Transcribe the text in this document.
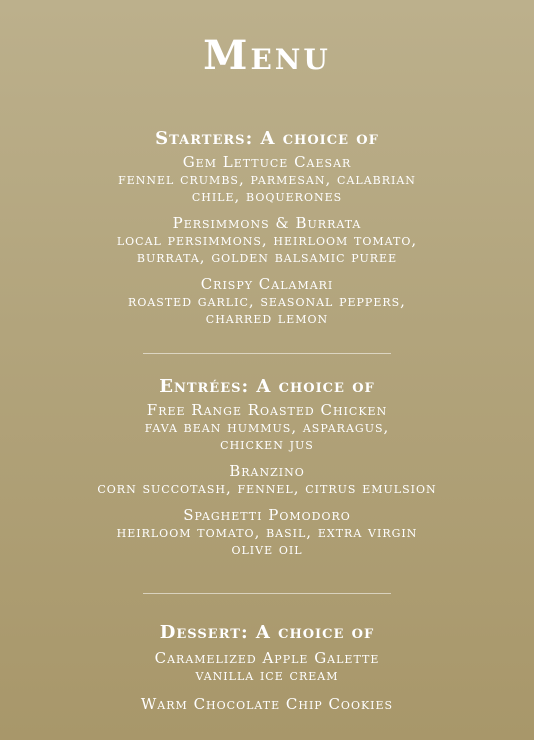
Menu
Starters: A choice of
Gem Lettuce Caesar
fennel crumbs, parmesan, calabrian
chile, boquerones
Persimmons & Burrata
local persimmons, heirloom tomato,
burrata, golden balsamic puree
Crispy Calamari
roasted garlic, seasonal peppers,
charred lemon
Entrées: A choice of
Free Range Roasted Chicken
fava bean hummus, asparagus,
chicken jus
Branzino
corn succotash, fennel, citrus emulsion
Spaghetti Pomodoro
heirloom tomato, basil, extra virgin
olive oil
Dessert: A choice of
Caramelized Apple Galette
vanilla ice cream
Warm Chocolate Chip Cookies
